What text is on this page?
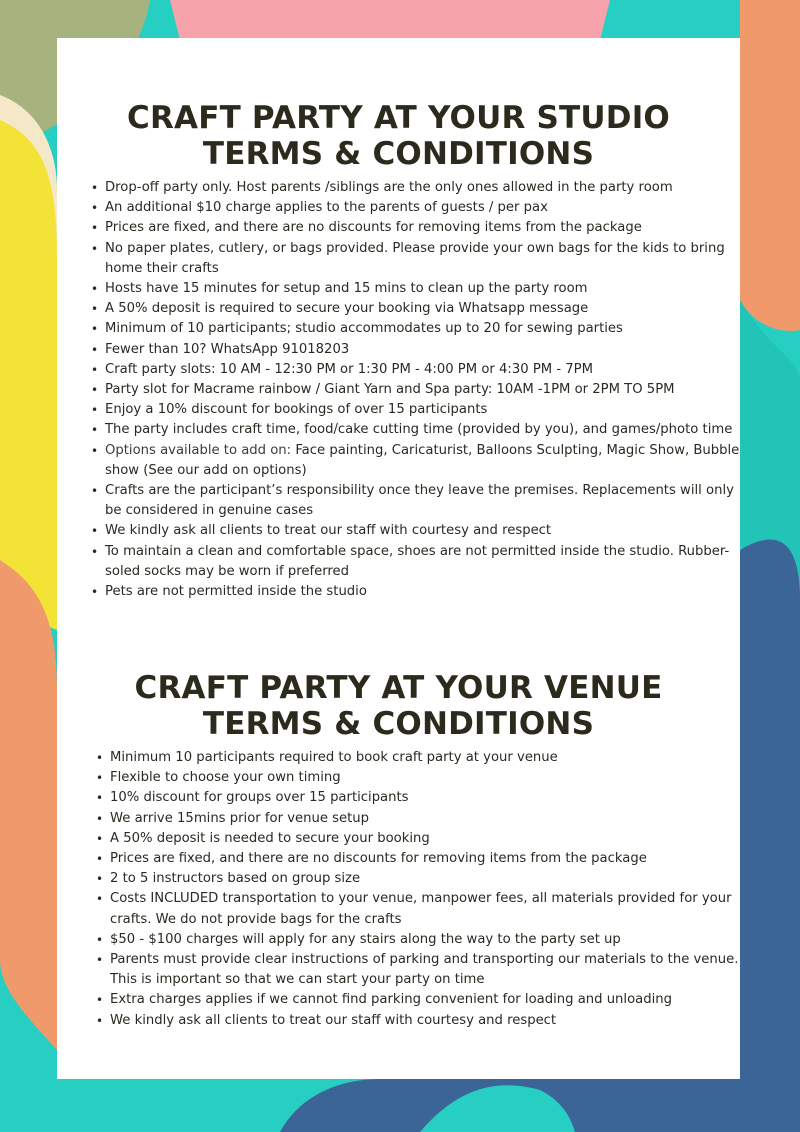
CRAFT PARTY AT YOUR STUDIO
TERMS & CONDITIONS
• Drop-off party only. Host parents /siblings are the only ones allowed in the party room
• An additional $10 charge applies to the parents of guests / per pax
• Prices are fixed, and there are no discounts for removing items from the package
• No paper plates, cutlery, or bags provided. Please provide your own bags for the kids to bring home their crafts
• Hosts have 15 minutes for setup and 15 mins to clean up the party room
• A 50% deposit is required to secure your booking via Whatsapp message
• Minimum of 10 participants; studio accommodates up to 20 for sewing parties
• Fewer than 10? WhatsApp 91018203
• Craft party slots: 10 AM - 12:30 PM or 1:30 PM - 4:00 PM or 4:30 PM - 7PM
• Party slot for Macrame rainbow / Giant Yarn and Spa party: 10AM -1PM or 2PM TO 5PM
• Enjoy a 10% discount for bookings of over 15 participants
• The party includes craft time, food/cake cutting time (provided by you), and games/photo time
• Options available to add on: Face painting, Caricaturist, Balloons Sculpting, Magic Show, Bubble show (See our add on options)
• Crafts are the participant’s responsibility once they leave the premises. Replacements will only be considered in genuine cases
• We kindly ask all clients to treat our staff with courtesy and respect
• To maintain a clean and comfortable space, shoes are not permitted inside the studio. Rubber-soled socks may be worn if preferred
• Pets are not permitted inside the studio
CRAFT PARTY AT YOUR VENUE
TERMS & CONDITIONS
• Minimum 10 participants required to book craft party at your venue
• Flexible to choose your own timing
• 10% discount for groups over 15 participants
• We arrive 15mins prior for venue setup
• A 50% deposit is needed to secure your booking
• Prices are fixed, and there are no discounts for removing items from the package
• 2 to 5 instructors based on group size
• Costs INCLUDED transportation to your venue, manpower fees, all materials provided for your crafts. We do not provide bags for the crafts
• $50 - $100 charges will apply for any stairs along the way to the party set up
• Parents must provide clear instructions of parking and transporting our materials to the venue. This is important so that we can start your party on time
• Extra charges applies if we cannot find parking convenient for loading and unloading
• We kindly ask all clients to treat our staff with courtesy and respect
